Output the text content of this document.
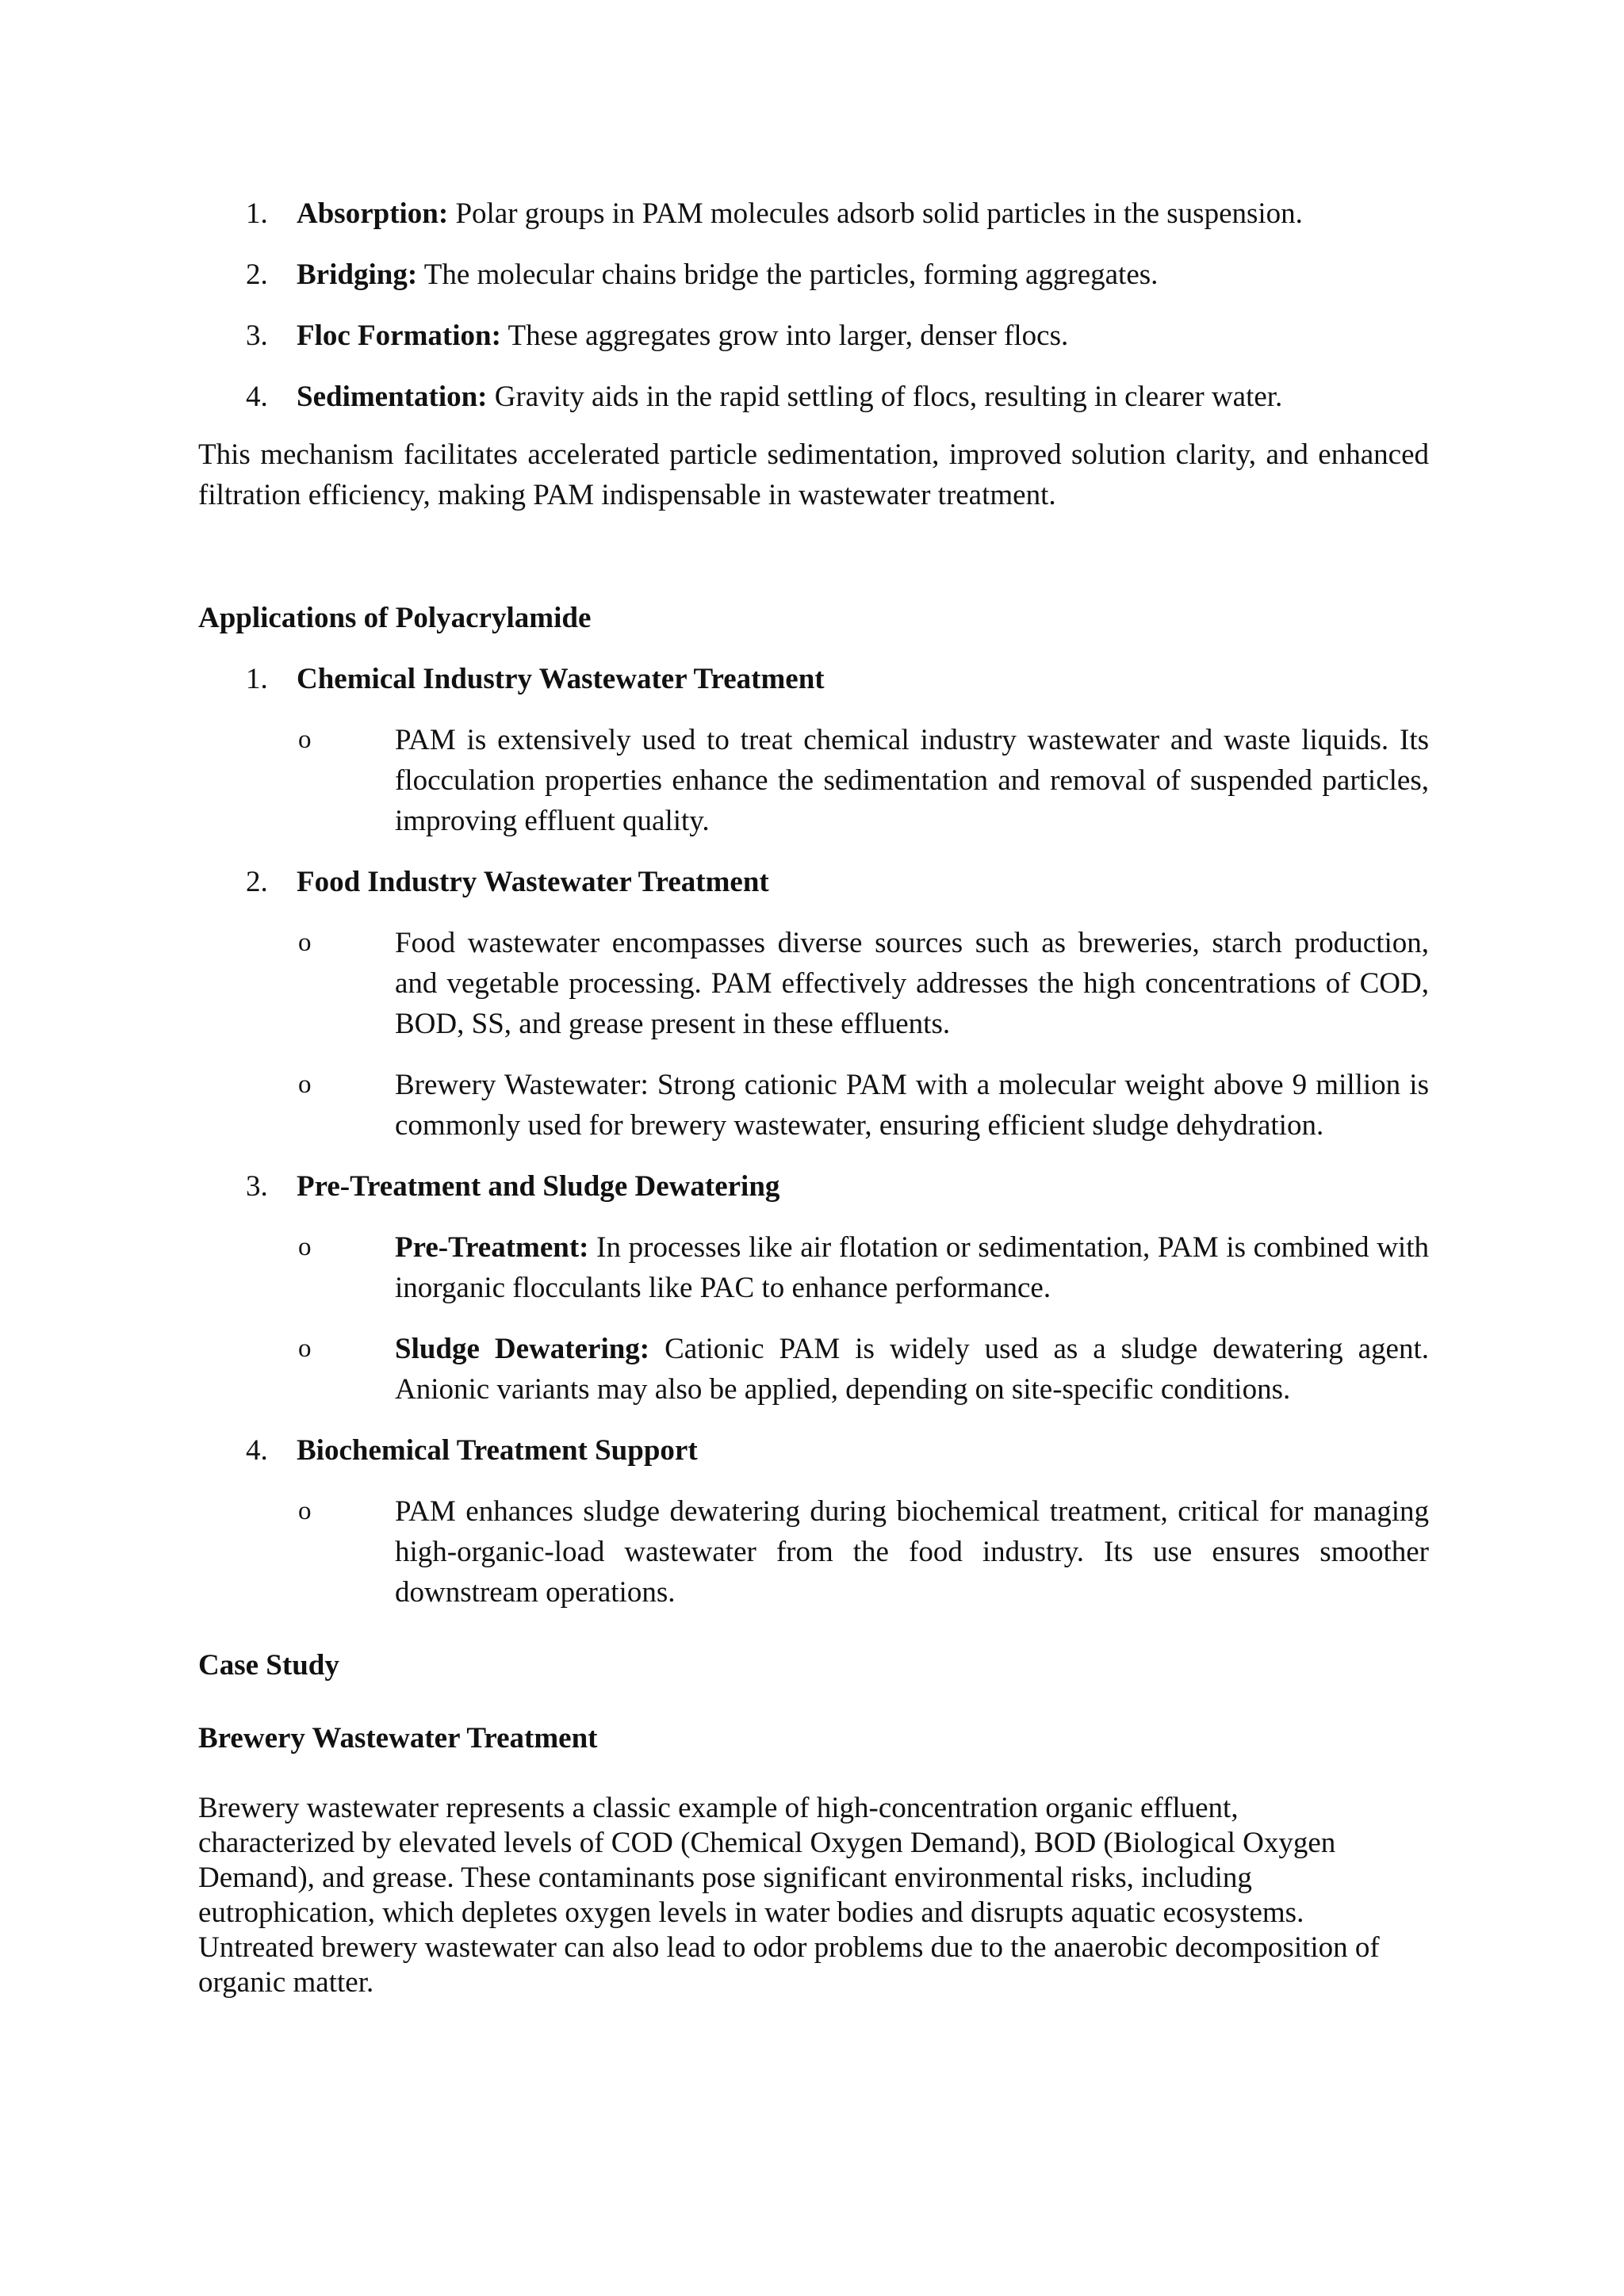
1. Absorption: Polar groups in PAM molecules adsorb solid particles in the suspension.
2. Bridging: The molecular chains bridge the particles, forming aggregates.
3. Floc Formation: These aggregates grow into larger, denser flocs.
4. Sedimentation: Gravity aids in the rapid settling of flocs, resulting in clearer water.

This mechanism facilitates accelerated particle sedimentation, improved solution clarity, and enhanced filtration efficiency, making PAM indispensable in wastewater treatment.

Applications of Polyacrylamide

1. Chemical Industry Wastewater Treatment

o	PAM is extensively used to treat chemical industry wastewater and waste liquids. Its flocculation properties enhance the sedimentation and removal of suspended particles, improving effluent quality.
2. Food Industry Wastewater Treatment

o	Food wastewater encompasses diverse sources such as breweries, starch production, and vegetable processing. PAM effectively addresses the high concentrations of COD, BOD, SS, and grease present in these effluents.
o	Brewery Wastewater: Strong cationic PAM with a molecular weight above 9 million is commonly used for brewery wastewater, ensuring efficient sludge dehydration.
3. Pre-Treatment and Sludge Dewatering

o	Pre-Treatment: In processes like air flotation or sedimentation, PAM is combined with inorganic flocculants like PAC to enhance performance.
o	Sludge Dewatering: Cationic PAM is widely used as a sludge dewatering agent. Anionic variants may also be applied, depending on site-specific conditions.
4. Biochemical Treatment Support

o	PAM enhances sludge dewatering during biochemical treatment, critical for managing high-organic-load wastewater from the food industry. Its use ensures smoother downstream operations.

Case Study

Brewery Wastewater Treatment

Brewery wastewater represents a classic example of high-concentration organic effluent,
characterized by elevated levels of COD (Chemical Oxygen Demand), BOD (Biological Oxygen
Demand), and grease. These contaminants pose significant environmental risks, including
eutrophication, which depletes oxygen levels in water bodies and disrupts aquatic ecosystems.
Untreated brewery wastewater can also lead to odor problems due to the anaerobic decomposition of
organic matter.
